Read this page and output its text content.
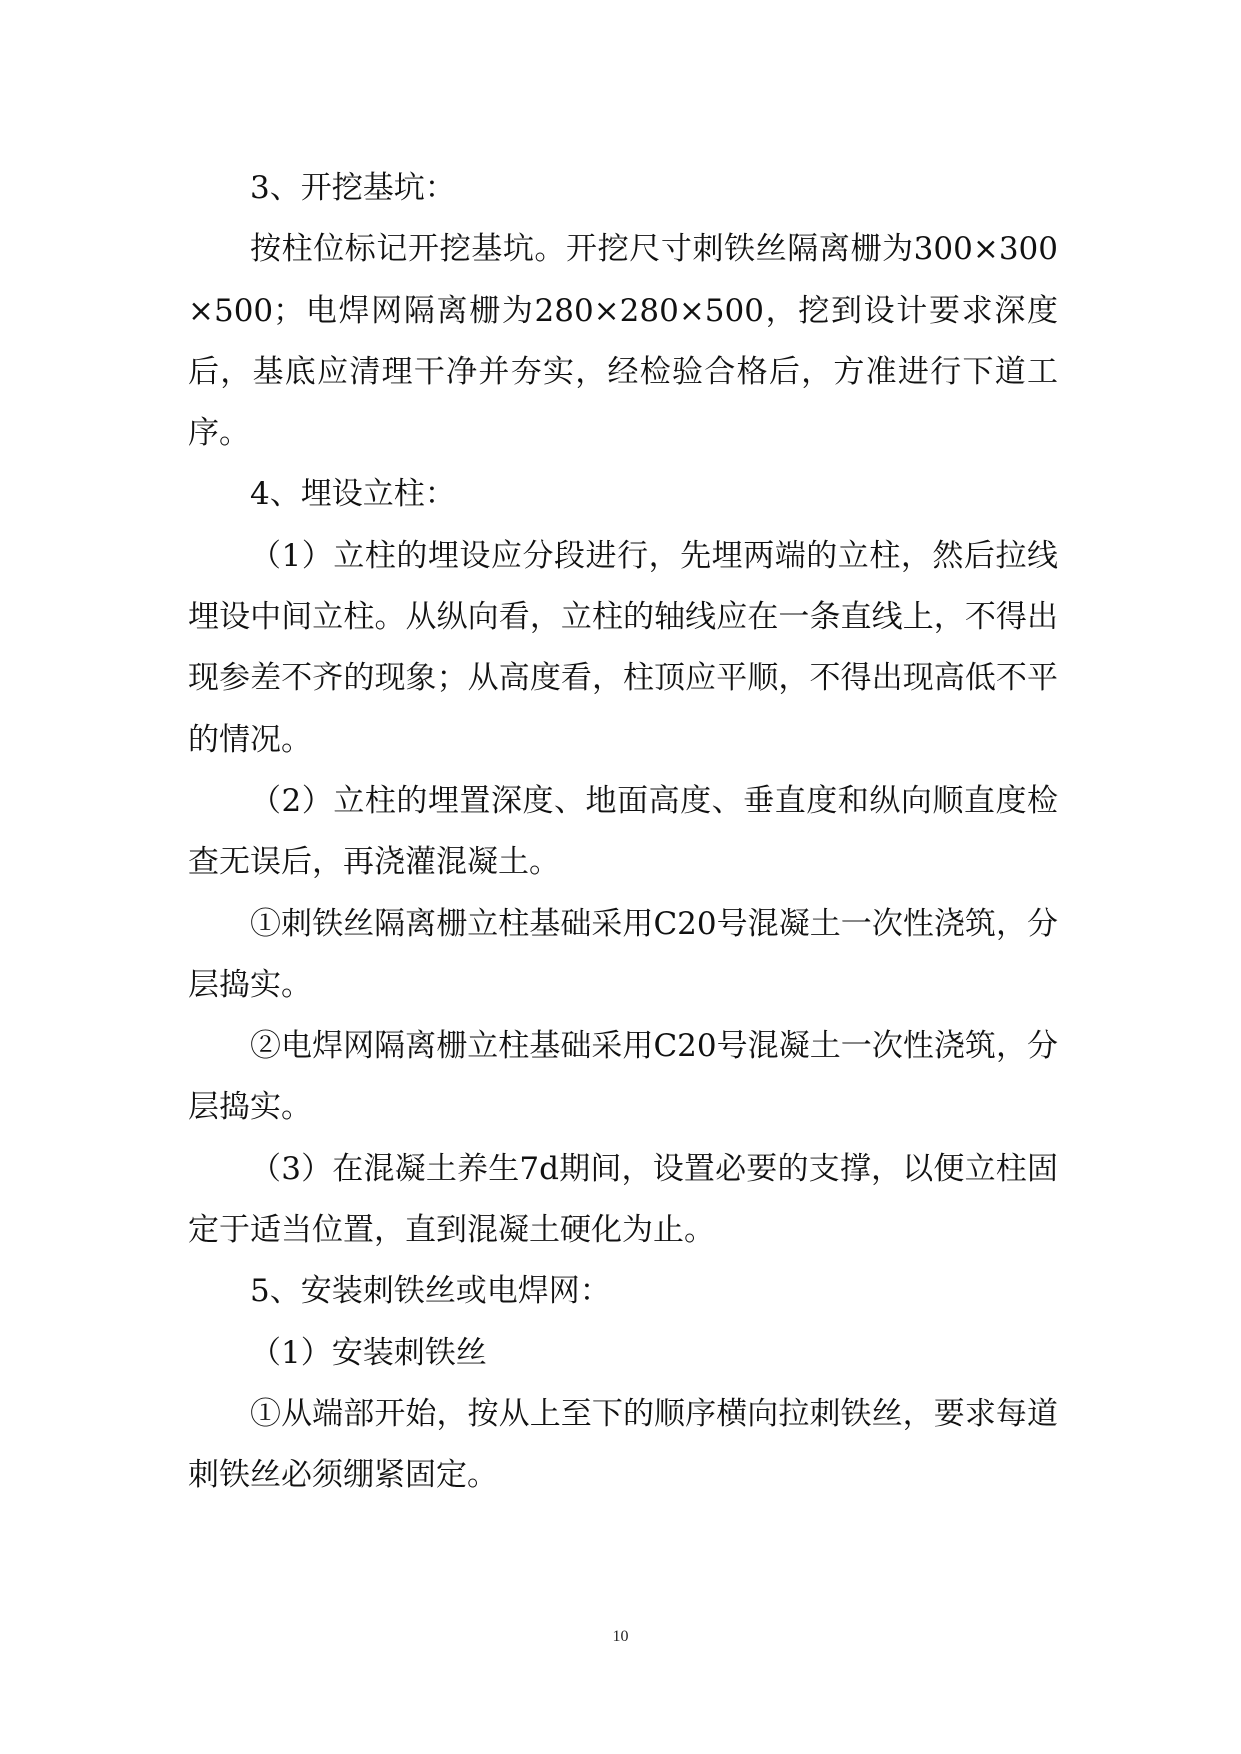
3、开挖基坑：

按柱位标记开挖基坑。开挖尺寸刺铁丝隔离栅为300×300×500；电焊网隔离栅为280×280×500，挖到设计要求深度后，基底应清理干净并夯实，经检验合格后，方准进行下道工序。

4、埋设立柱：

（1）立柱的埋设应分段进行，先埋两端的立柱，然后拉线埋设中间立柱。从纵向看，立柱的轴线应在一条直线上，不得出现参差不齐的现象；从高度看，柱顶应平顺，不得出现高低不平的情况。

（2）立柱的埋置深度、地面高度、垂直度和纵向顺直度检查无误后，再浇灌混凝土。

①刺铁丝隔离栅立柱基础采用C20号混凝土一次性浇筑，分层捣实。

②电焊网隔离栅立柱基础采用C20号混凝土一次性浇筑，分层捣实。

（3）在混凝土养生7d期间，设置必要的支撑，以便立柱固定于适当位置，直到混凝土硬化为止。

5、安装刺铁丝或电焊网：

（1）安装刺铁丝

①从端部开始，按从上至下的顺序横向拉刺铁丝，要求每道刺铁丝必须绷紧固定。

10
